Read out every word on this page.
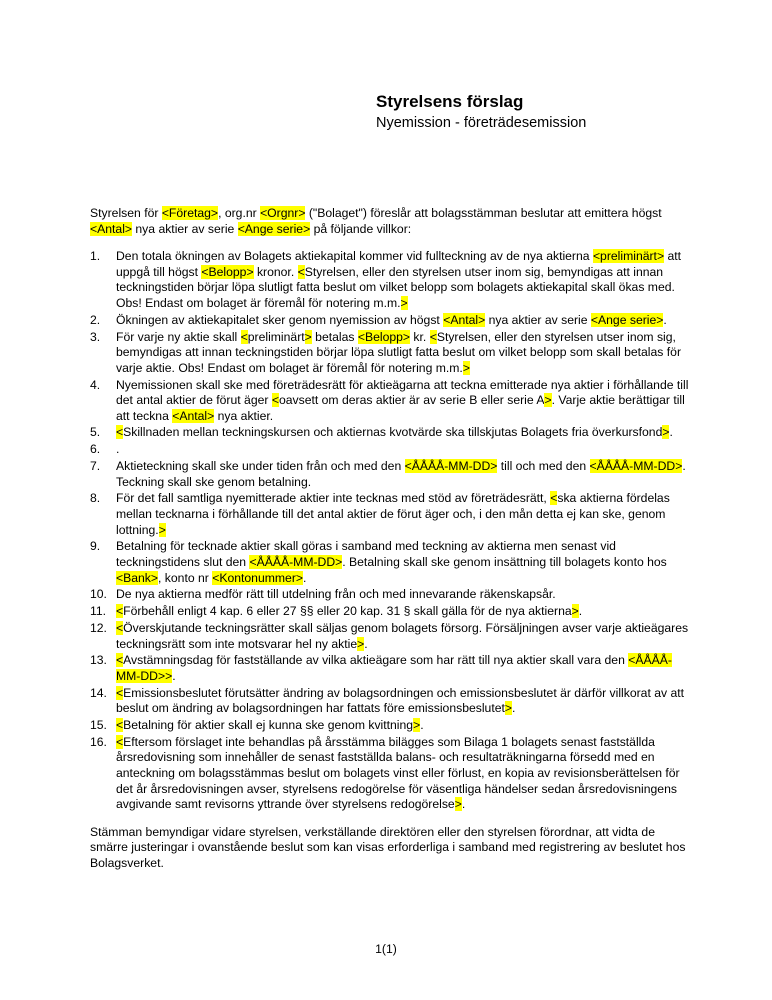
Styrelsens förslag

Nyemission - företrädesemission

Styrelsen för <Företag>, org.nr <Orgnr> ("Bolaget") föreslår att bolagsstämman beslutar att emittera högst <Antal> nya aktier av serie <Ange serie> på följande villkor:

1.	Den totala ökningen av Bolagets aktiekapital kommer vid fullteckning av de nya aktierna <preliminärt> att uppgå till högst <Belopp> kronor. <Styrelsen, eller den styrelsen utser inom sig, bemyndigas att innan teckningstiden börjar löpa slutligt fatta beslut om vilket belopp som bolagets aktiekapital skall ökas med. Obs! Endast om bolaget är föremål för notering m.m.>
2.	Ökningen av aktiekapitalet sker genom nyemission av högst <Antal> nya aktier av serie <Ange serie>.
3.	För varje ny aktie skall <preliminärt> betalas <Belopp> kr. <Styrelsen, eller den styrelsen utser inom sig, bemyndigas att innan teckningstiden börjar löpa slutligt fatta beslut om vilket belopp som skall betalas för varje aktie. Obs! Endast om bolaget är föremål för notering m.m.>
4.	Nyemissionen skall ske med företrädesrätt för aktieägarna att teckna emitterade nya aktier i förhållande till det antal aktier de förut äger <oavsett om deras aktier är av serie B eller serie A>. Varje aktie berättigar till att teckna <Antal> nya aktier.
5.	<Skillnaden mellan teckningskursen och aktiernas kvotvärde ska tillskjutas Bolagets fria överkursfond>.
6.	.
7.	Aktieteckning skall ske under tiden från och med den <ÅÅÅÅ-MM-DD> till och med den <ÅÅÅÅ-MM-DD>. Teckning skall ske genom betalning.
8.	För det fall samtliga nyemitterade aktier inte tecknas med stöd av företrädesrätt, <ska aktierna fördelas mellan tecknarna i förhållande till det antal aktier de förut äger och, i den mån detta ej kan ske, genom lottning.>
9.	Betalning för tecknade aktier skall göras i samband med teckning av aktierna men senast vid teckningstidens slut den <ÅÅÅÅ-MM-DD>. Betalning skall ske genom insättning till bolagets konto hos <Bank>, konto nr <Kontonummer>.
10. De nya aktierna medför rätt till utdelning från och med innevarande räkenskapsår.
11. <Förbehåll enligt 4 kap. 6 eller 27 §§ eller 20 kap. 31 § skall gälla för de nya aktierna>.
12. <Överskjutande teckningsrätter skall säljas genom bolagets försorg. Försäljningen avser varje aktieägares teckningsrätt som inte motsvarar hel ny aktie>.
13. <Avstämningsdag för fastställande av vilka aktieägare som har rätt till nya aktier skall vara den <ÅÅÅÅ-MM-DD>>.
14. <Emissionsbeslutet förutsätter ändring av bolagsordningen och emissionsbeslutet är därför villkorat av att beslut om ändring av bolagsordningen har fattats före emissionsbeslutet>.
15. <Betalning för aktier skall ej kunna ske genom kvittning>.
16. <Eftersom förslaget inte behandlas på årsstämma bilägges som Bilaga 1 bolagets senast fastställda årsredovisning som innehåller de senast fastställda balans- och resultaträkningarna försedd med en anteckning om bolagsstämmas beslut om bolagets vinst eller förlust, en kopia av revisionsberättelsen för det år årsredovisningen avser, styrelsens redogörelse för väsentliga händelser sedan årsredovisningens avgivande samt revisorns yttrande över styrelsens redogörelse>.

Stämman bemyndigar vidare styrelsen, verkställande direktören eller den styrelsen förordnar, att vidta de smärre justeringar i ovanstående beslut som kan visas erforderliga i samband med registrering av beslutet hos Bolagsverket.

1(1)
